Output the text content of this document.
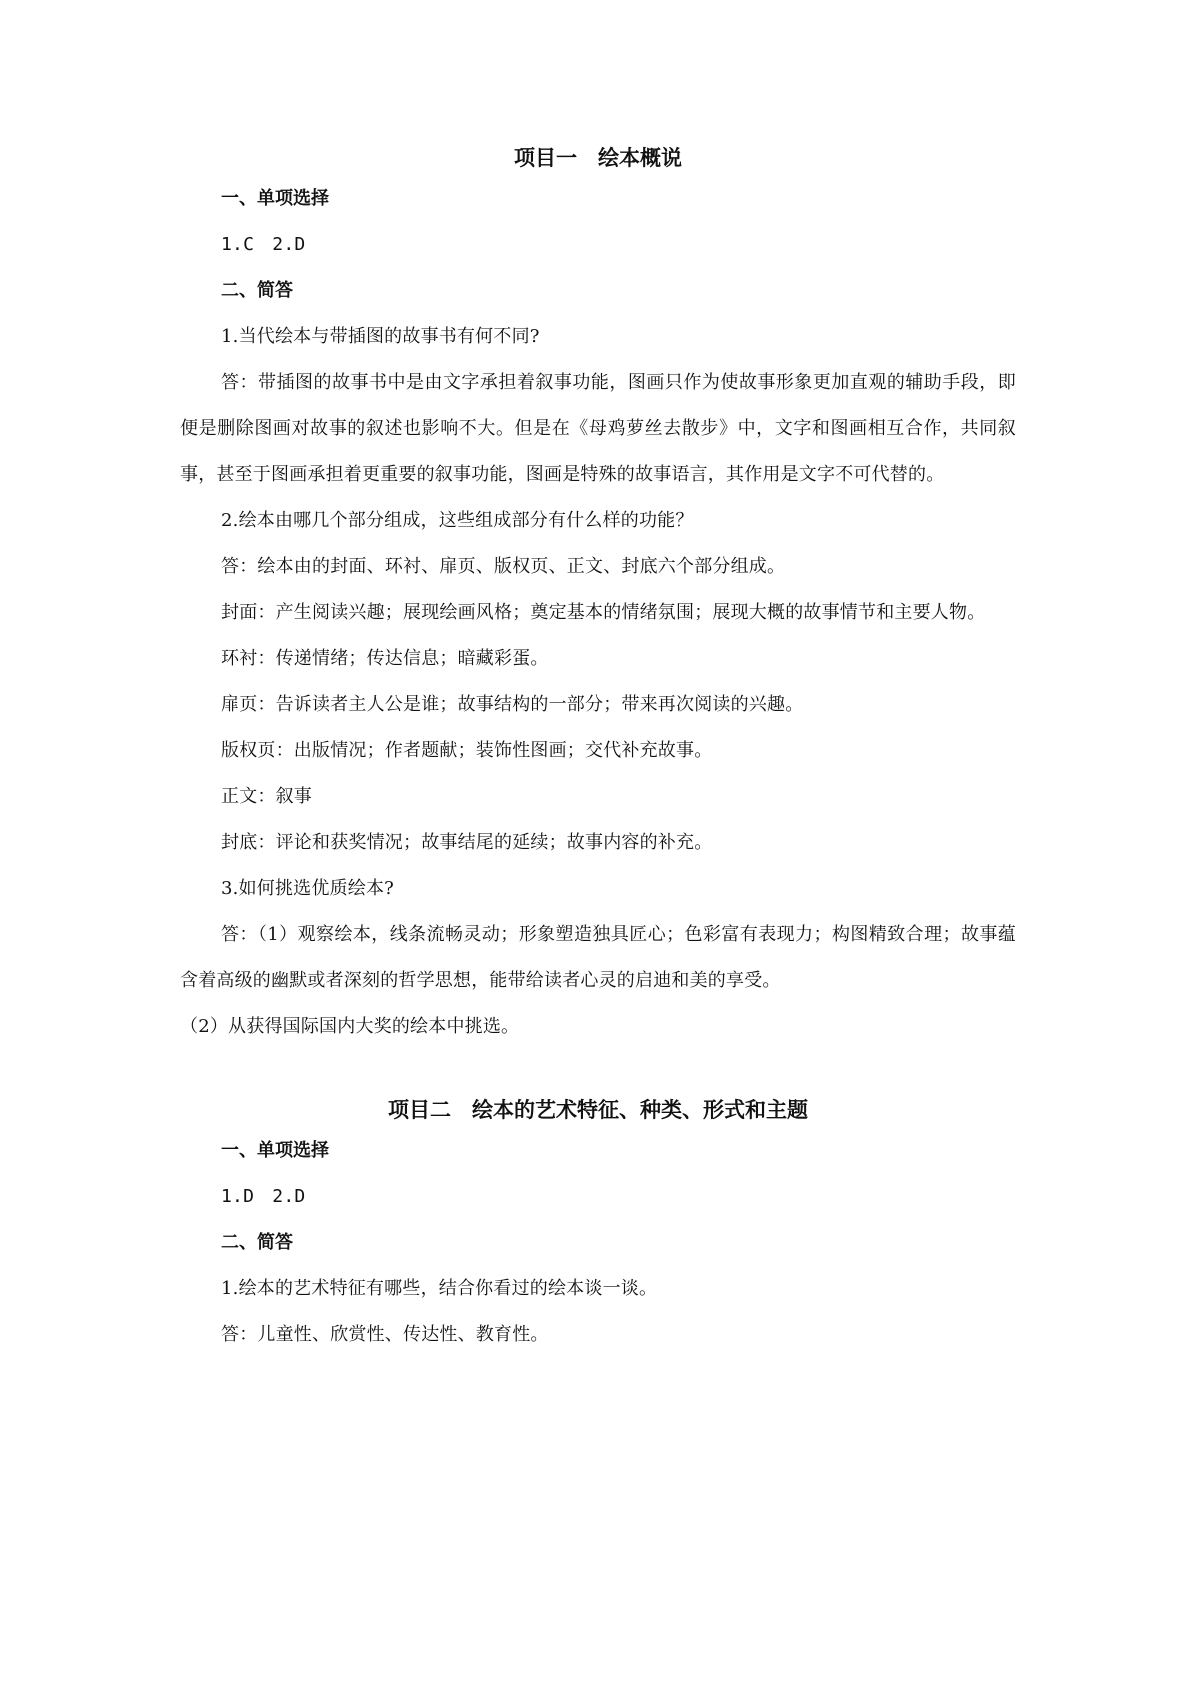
项目一　绘本概说
一、单项选择

1.C　2.D

二、简答

1.当代绘本与带插图的故事书有何不同?

答：带插图的故事书中是由文字承担着叙事功能，图画只作为使故事形象更加直观的辅助手段，即便是删除图画对故事的叙述也影响不大。但是在《母鸡萝丝去散步》中，文字和图画相互合作，共同叙事，甚至于图画承担着更重要的叙事功能，图画是特殊的故事语言，其作用是文字不可代替的。

2.绘本由哪几个部分组成，这些组成部分有什么样的功能？

答：绘本由的封面、环衬、扉页、版权页、正文、封底六个部分组成。

封面：产生阅读兴趣；展现绘画风格；奠定基本的情绪氛围；展现大概的故事情节和主要人物。

环衬：传递情绪；传达信息；暗藏彩蛋。

扉页：告诉读者主人公是谁；故事结构的一部分；带来再次阅读的兴趣。

版权页：出版情况；作者题献；装饰性图画；交代补充故事。

正文：叙事

封底：评论和获奖情况；故事结尾的延续；故事内容的补充。

3.如何挑选优质绘本?

答：（1）观察绘本，线条流畅灵动；形象塑造独具匠心；色彩富有表现力；构图精致合理；故事蕴含着高级的幽默或者深刻的哲学思想，能带给读者心灵的启迪和美的享受。

（2）从获得国际国内大奖的绘本中挑选。

项目二　绘本的艺术特征、种类、形式和主题
一、单项选择

1.D　2.D

二、简答

1.绘本的艺术特征有哪些，结合你看过的绘本谈一谈。

答：儿童性、欣赏性、传达性、教育性。
